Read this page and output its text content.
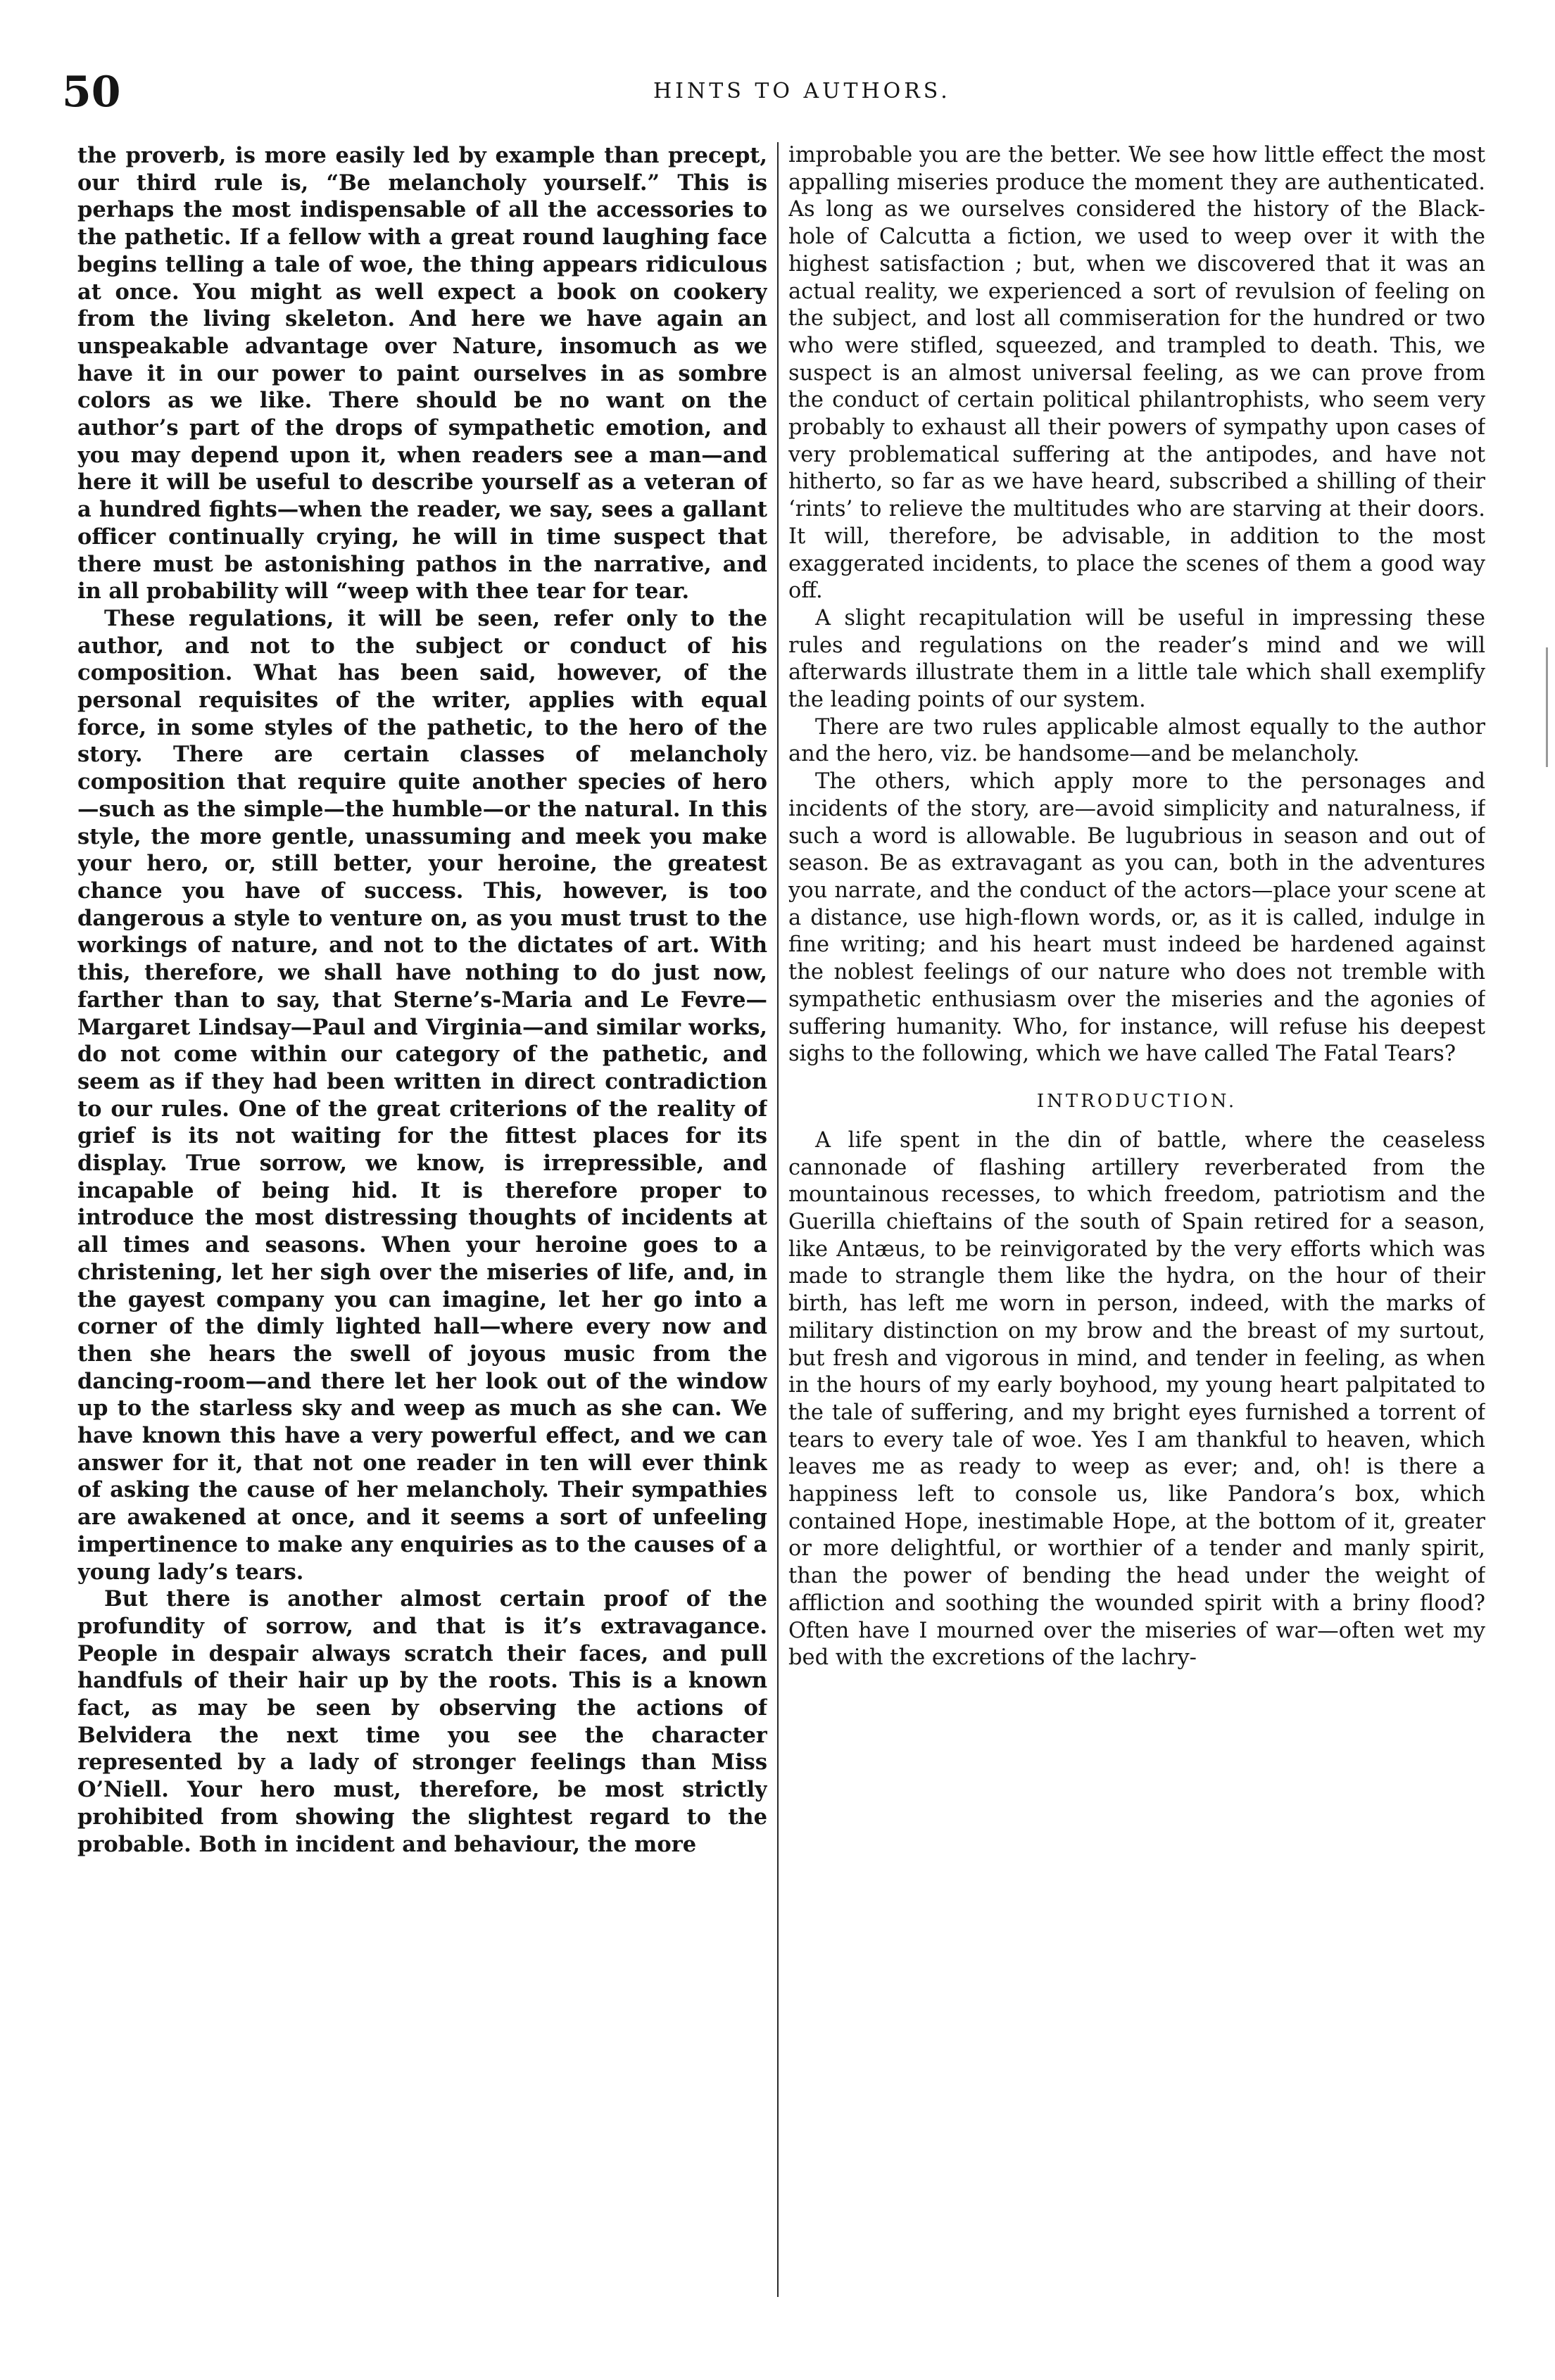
50	HINTS TO AUTHORS.

the proverb, is more easily led by example than precept, our third rule is, “Be melancholy yourself.” This is perhaps the most indispensable of all the accessories to the pathetic. If a fellow with a great round laughing face begins telling a tale of woe, the thing appears ridiculous at once. You might as well expect a book on cookery from the living skeleton. And here we have again an unspeakable advantage over Nature, insomuch as we have it in our power to paint ourselves in as sombre colors as we like. There should be no want on the author’s part of the drops of sympathetic emotion, and you may depend upon it, when readers see a man—and here it will be useful to describe yourself as a veteran of a hundred fights—when the reader, we say, sees a gallant officer continually crying, he will in time suspect that there must be astonishing pathos in the narrative, and in all probability will “weep with thee tear for tear.

These regulations, it will be seen, refer only to the author, and not to the subject or conduct of his composition. What has been said, however, of the personal requisites of the writer, applies with equal force, in some styles of the pathetic, to the hero of the story. There are certain classes of melancholy composition that require quite another species of hero —such as the simple—the humble—or the natural. In this style, the more gentle, unassuming and meek you make your hero, or, still better, your heroine, the greatest chance you have of success. This, however, is too dangerous a style to venture on, as you must trust to the workings of nature, and not to the dictates of art. With this, therefore, we shall have nothing to do just now, farther than to say, that Sterne’s-Maria and Le Fevre—Margaret Lindsay—Paul and Virginia—and similar works, do not come within our category of the pathetic, and seem as if they had been written in direct contradiction to our rules. One of the great criterions of the reality of grief is its not waiting for the fittest places for its display. True sorrow, we know, is irrepressible, and incapable of being hid. It is therefore proper to introduce the most distressing thoughts of incidents at all times and seasons. When your heroine goes to a christening, let her sigh over the miseries of life, and, in the gayest company you can imagine, let her go into a corner of the dimly lighted hall—where every now and then she hears the swell of joyous music from the dancing-room—and there let her look out of the window up to the starless sky and weep as much as she can. We have known this have a very powerful effect, and we can answer for it, that not one reader in ten will ever think of asking the cause of her melancholy. Their sympathies are awakened at once, and it seems a sort of unfeeling impertinence to make any enquiries as to the causes of a young lady’s tears.

But there is another almost certain proof of the profundity of sorrow, and that is it’s extravagance. People in despair always scratch their faces, and pull handfuls of their hair up by the roots. This is a known fact, as may be seen by observing the actions of Belvidera the next time you see the character represented by a lady of stronger feelings than Miss O’Niell. Your hero must, therefore, be most strictly prohibited from showing the slightest regard to the probable. Both in incident and behaviour, the more

improbable you are the better. We see how little effect the most appalling miseries produce the moment they are authenticated. As long as we ourselves considered the history of the Black-hole of Calcutta a fiction, we used to weep over it with the highest satisfaction ; but, when we discovered that it was an actual reality, we experienced a sort of revulsion of feeling on the subject, and lost all commiseration for the hundred or two who were stifled, squeezed, and trampled to death. This, we suspect is an almost universal feeling, as we can prove from the conduct of certain political philantrophists, who seem very probably to exhaust all their powers of sympathy upon cases of very problematical suffering at the antipodes, and have not hitherto, so far as we have heard, subscribed a shilling of their ‘rints’ to relieve the multitudes who are starving at their doors. It will, therefore, be advisable, in addition to the most exaggerated incidents, to place the scenes of them a good way off.

A slight recapitulation will be useful in impressing these rules and regulations on the reader’s mind and we will afterwards illustrate them in a little tale which shall exemplify the leading points of our system.

There are two rules applicable almost equally to the author and the hero, viz. be handsome—and be melancholy.

The others, which apply more to the personages and incidents of the story, are—avoid simplicity and naturalness, if such a word is allowable. Be lugubrious in season and out of season. Be as extravagant as you can, both in the adventures you narrate, and the conduct of the actors—place your scene at a distance, use high-flown words, or, as it is called, indulge in fine writing; and his heart must indeed be hardened against the noblest feelings of our nature who does not tremble with sympathetic enthusiasm over the miseries and the agonies of suffering humanity. Who, for instance, will refuse his deepest sighs to the following, which we have called The Fatal Tears?

INTRODUCTION.

A life spent in the din of battle, where the ceaseless cannonade of flashing artillery reverberated from the mountainous recesses, to which freedom, patriotism and the Guerilla chieftains of the south of Spain retired for a season, like Antæus, to be reinvigorated by the very efforts which was made to strangle them like the hydra, on the hour of their birth, has left me worn in person, indeed, with the marks of military distinction on my brow and the breast of my surtout, but fresh and vigorous in mind, and tender in feeling, as when in the hours of my early boyhood, my young heart palpitated to the tale of suffering, and my bright eyes furnished a torrent of tears to every tale of woe. Yes I am thankful to heaven, which leaves me as ready to weep as ever; and, oh! is there a happiness left to console us, like Pandora’s box, which contained Hope, inestimable Hope, at the bottom of it, greater or more delightful, or worthier of a tender and manly spirit, than the power of bending the head under the weight of affliction and soothing the wounded spirit with a briny flood? Often have I mourned over the miseries of war—often wet my bed with the excretions of the lachry-
